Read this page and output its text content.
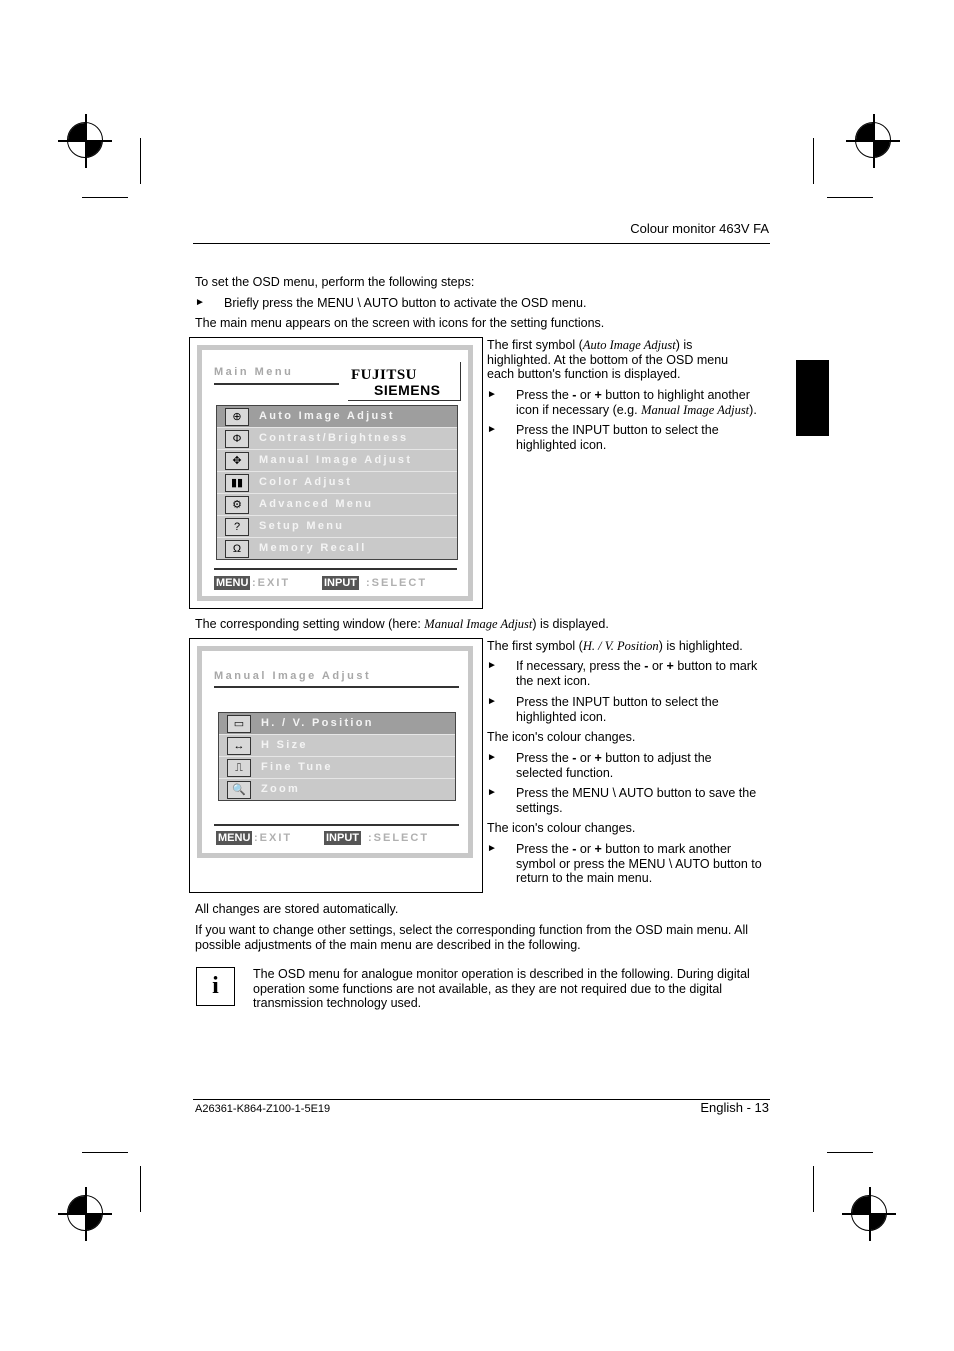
Colour monitor 463V FA
To set the OSD menu, perform the following steps:
► Briefly press the MENU \ AUTO button to activate the OSD menu.
The main menu appears on the screen with icons for the setting functions.
Main Menu	FUJITSU
SIEMENS
⊕	Auto Image Adjust
Φ	Contrast/Brightness
✥	Manual Image Adjust
▮▮	Color Adjust
⚙	Advanced Menu
?	Setup Menu
Ω	Memory Recall
MENU :EXIT	INPUT :SELECT
The first symbol (Auto Image Adjust) is highlighted. At the bottom of the OSD menu each button's function is displayed.
► Press the - or + button to highlight another icon if necessary (e.g. Manual Image Adjust).
► Press the INPUT button to select the highlighted icon.
The corresponding setting window (here: Manual Image Adjust) is displayed.
Manual Image Adjust
▭	H. / V. Position
↔	H Size
⎍	Fine Tune
🔍	Zoom
MENU :EXIT	INPUT :SELECT
The first symbol (H. / V. Position) is highlighted.
► If necessary, press the - or + button to mark the next icon.
► Press the INPUT button to select the highlighted icon.
The icon's colour changes.
► Press the - or + button to adjust the selected function.
► Press the MENU \ AUTO button to save the settings.
The icon's colour changes.
► Press the - or + button to mark another symbol or press the MENU \ AUTO button to return to the main menu.
All changes are stored automatically.
If you want to change other settings, select the corresponding function from the OSD main menu. All possible adjustments of the main menu are described in the following.
i	The OSD menu for analogue monitor operation is described in the following. During digital operation some functions are not available, as they are not required due to the digital transmission technology used.
A26361-K864-Z100-1-5E19	English - 13
